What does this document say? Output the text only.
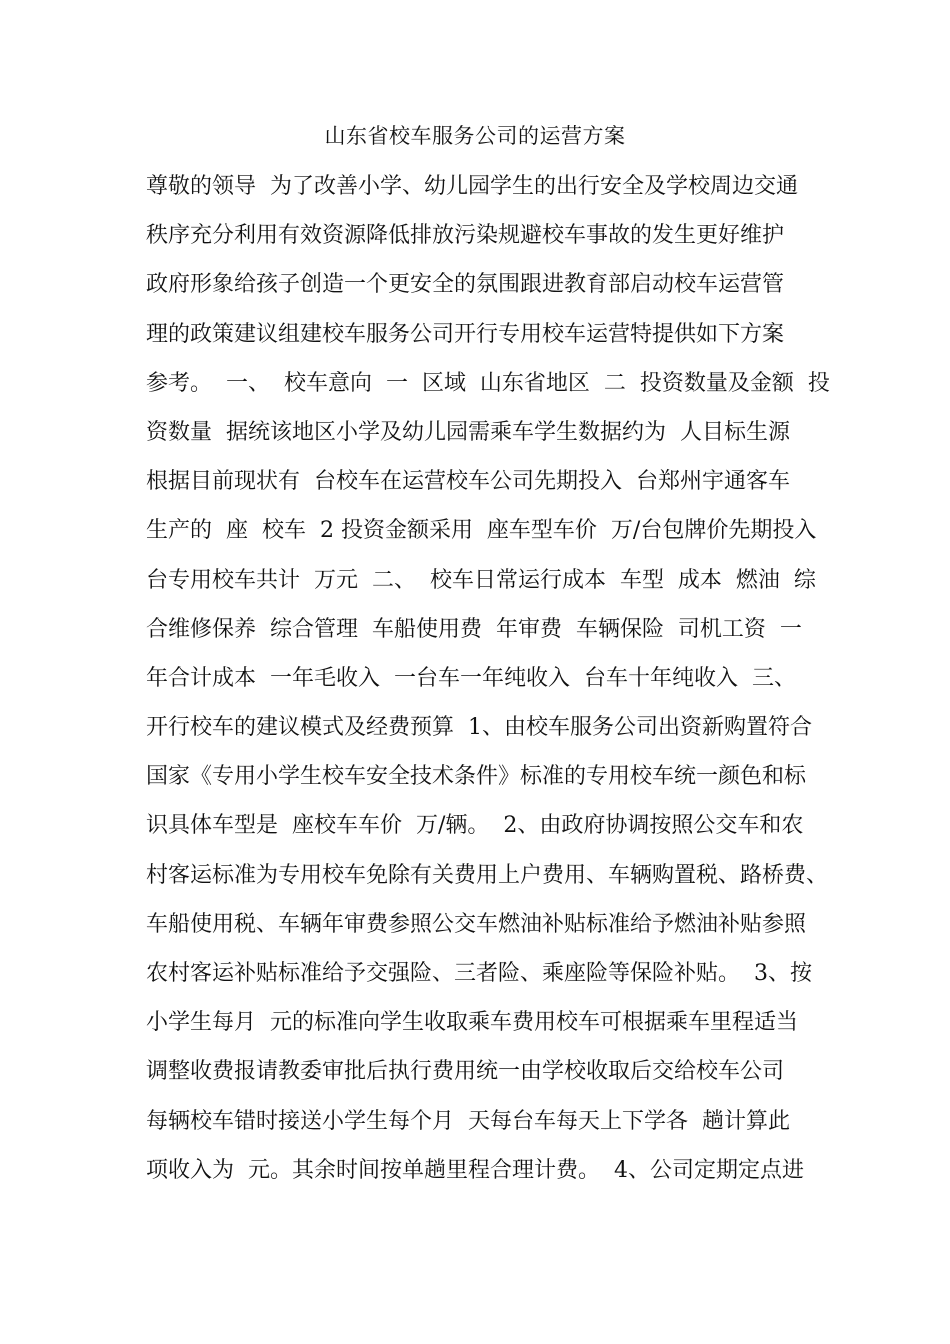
山东省校车服务公司的运营方案
尊敬的领导  为了改善小学、幼儿园学生的出行安全及学校周边交通
秩序充分利用有效资源降低排放污染规避校车事故的发生更好维护
政府形象给孩子创造一个更安全的氛围跟进教育部启动校车运营管
理的政策建议组建校车服务公司开行专用校车运营特提供如下方案
参考。  一、  校车意向  一  区域  山东省地区  二  投资数量及金额  投
资数量  据统该地区小学及幼儿园需乘车学生数据约为  人目标生源
根据目前现状有  台校车在运营校车公司先期投入  台郑州宇通客车
生产的  座  校车  2 投资金额采用  座车型车价  万/台包牌价先期投入
台专用校车共计  万元  二、  校车日常运行成本  车型  成本  燃油  综
合维修保养  综合管理  车船使用费  年审费  车辆保险  司机工资  一
年合计成本  一年毛收入  一台车一年纯收入  台车十年纯收入  三、
开行校车的建议模式及经费预算  1、由校车服务公司出资新购置符合
国家《专用小学生校车安全技术条件》标准的专用校车统一颜色和标
识具体车型是  座校车车价  万/辆。  2、由政府协调按照公交车和农
村客运标准为专用校车免除有关费用上户费用、车辆购置税、路桥费、
车船使用税、车辆年审费参照公交车燃油补贴标准给予燃油补贴参照
农村客运补贴标准给予交强险、三者险、乘座险等保险补贴。  3、按
小学生每月  元的标准向学生收取乘车费用校车可根据乘车里程适当
调整收费报请教委审批后执行费用统一由学校收取后交给校车公司
每辆校车错时接送小学生每个月  天每台车每天上下学各  趟计算此
项收入为  元。其余时间按单趟里程合理计费。  4、公司定期定点进
